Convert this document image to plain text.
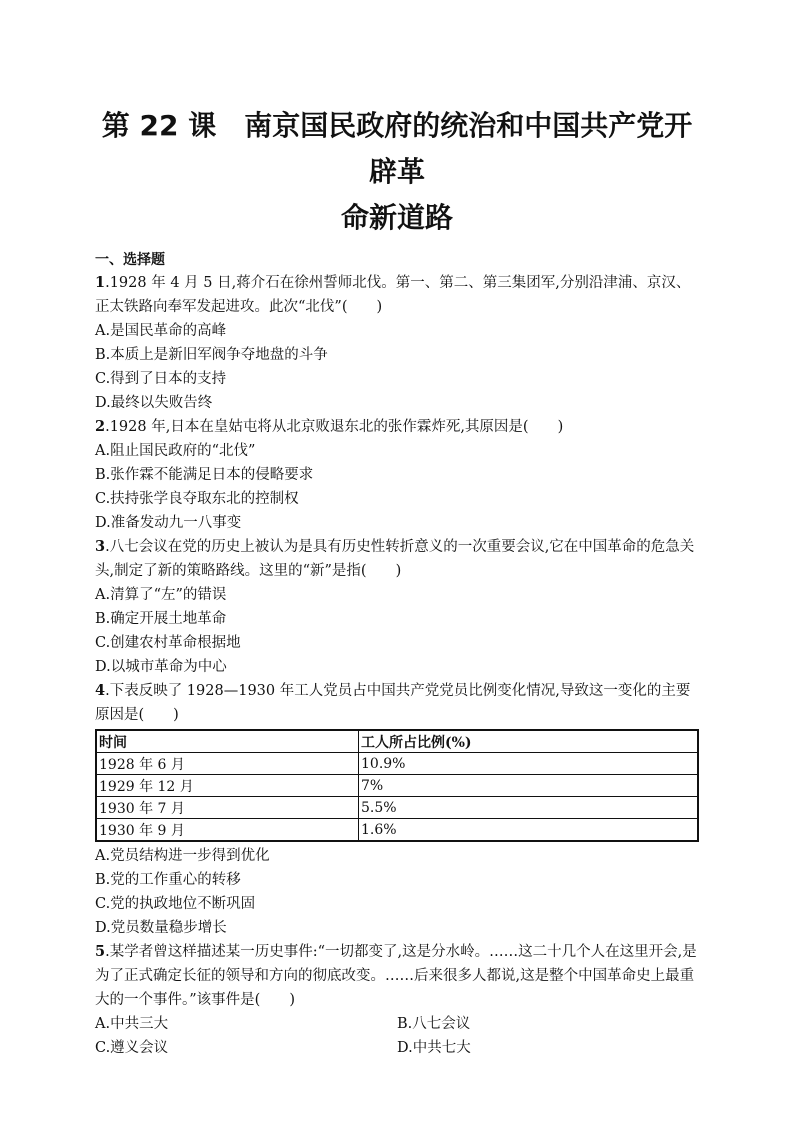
第 22 课　南京国民政府的统治和中国共产党开辟革
命新道路

一、选择题

1.1928 年 4 月 5 日,蒋介石在徐州誓师北伐。第一、第二、第三集团军,分别沿津浦、京汉、正太铁路向奉军发起进攻。此次“北伐”(　　)

A.是国民革命的高峰

B.本质上是新旧军阀争夺地盘的斗争

C.得到了日本的支持

D.最终以失败告终

2.1928 年,日本在皇姑屯将从北京败退东北的张作霖炸死,其原因是(　　)

A.阻止国民政府的“北伐”

B.张作霖不能满足日本的侵略要求

C.扶持张学良夺取东北的控制权

D.准备发动九一八事变

3.八七会议在党的历史上被认为是具有历史性转折意义的一次重要会议,它在中国革命的危急关头,制定了新的策略路线。这里的“新”是指(　　)

A.清算了“左”的错误

B.确定开展土地革命

C.创建农村革命根据地

D.以城市革命为中心

4.下表反映了 1928—1930 年工人党员占中国共产党党员比例变化情况,导致这一变化的主要原因是(　　)

时间	工人所占比例(%)
1928 年 6 月	10.9%
1929 年 12 月	7%
1930 年 7 月	5.5%
1930 年 9 月	1.6%

A.党员结构进一步得到优化

B.党的工作重心的转移

C.党的执政地位不断巩固

D.党员数量稳步增长

5.某学者曾这样描述某一历史事件:“一切都变了,这是分水岭。……这二十几个人在这里开会,是为了正式确定长征的领导和方向的彻底改变。……后来很多人都说,这是整个中国革命史上最重大的一个事件。”该事件是(　　)

A.中共三大	B.八七会议

C.遵义会议	D.中共七大
